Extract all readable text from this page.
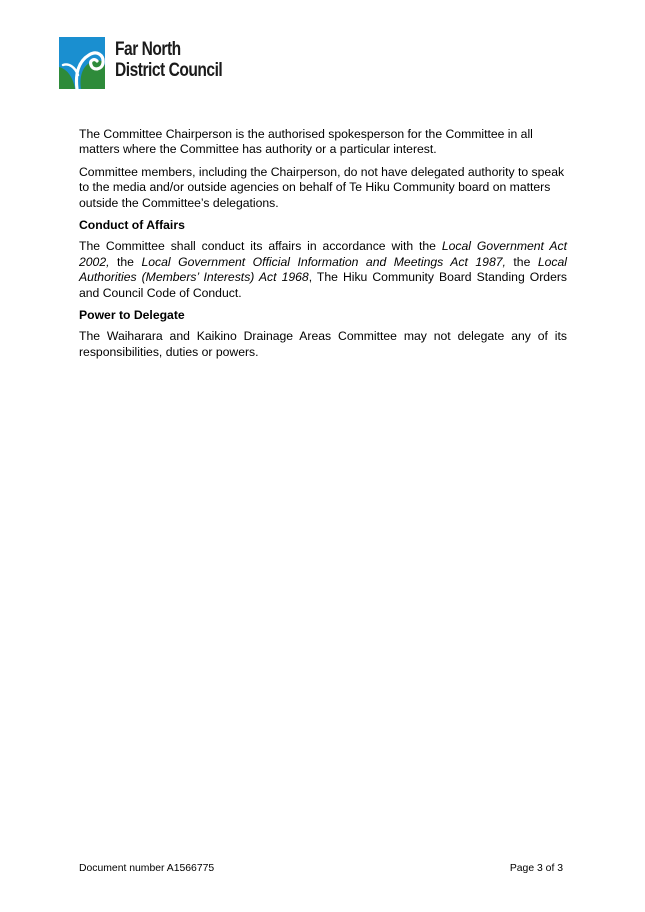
Far North
District Council

The Committee Chairperson is the authorised spokesperson for the Committee in all matters where the Committee has authority or a particular interest.

Committee members, including the Chairperson, do not have delegated authority to speak to the media and/or outside agencies on behalf of Te Hiku Community board on matters outside the Committee’s delegations.

Conduct of Affairs

The Committee shall conduct its affairs in accordance with the Local Government Act 2002, the Local Government Official Information and Meetings Act 1987, the Local Authorities (Members’ Interests) Act 1968, The Hiku Community Board Standing Orders and Council Code of Conduct.

Power to Delegate

The Waiharara and Kaikino Drainage Areas Committee may not delegate any of its responsibilities, duties or powers.

Document number A1566775	Page 3 of 3
